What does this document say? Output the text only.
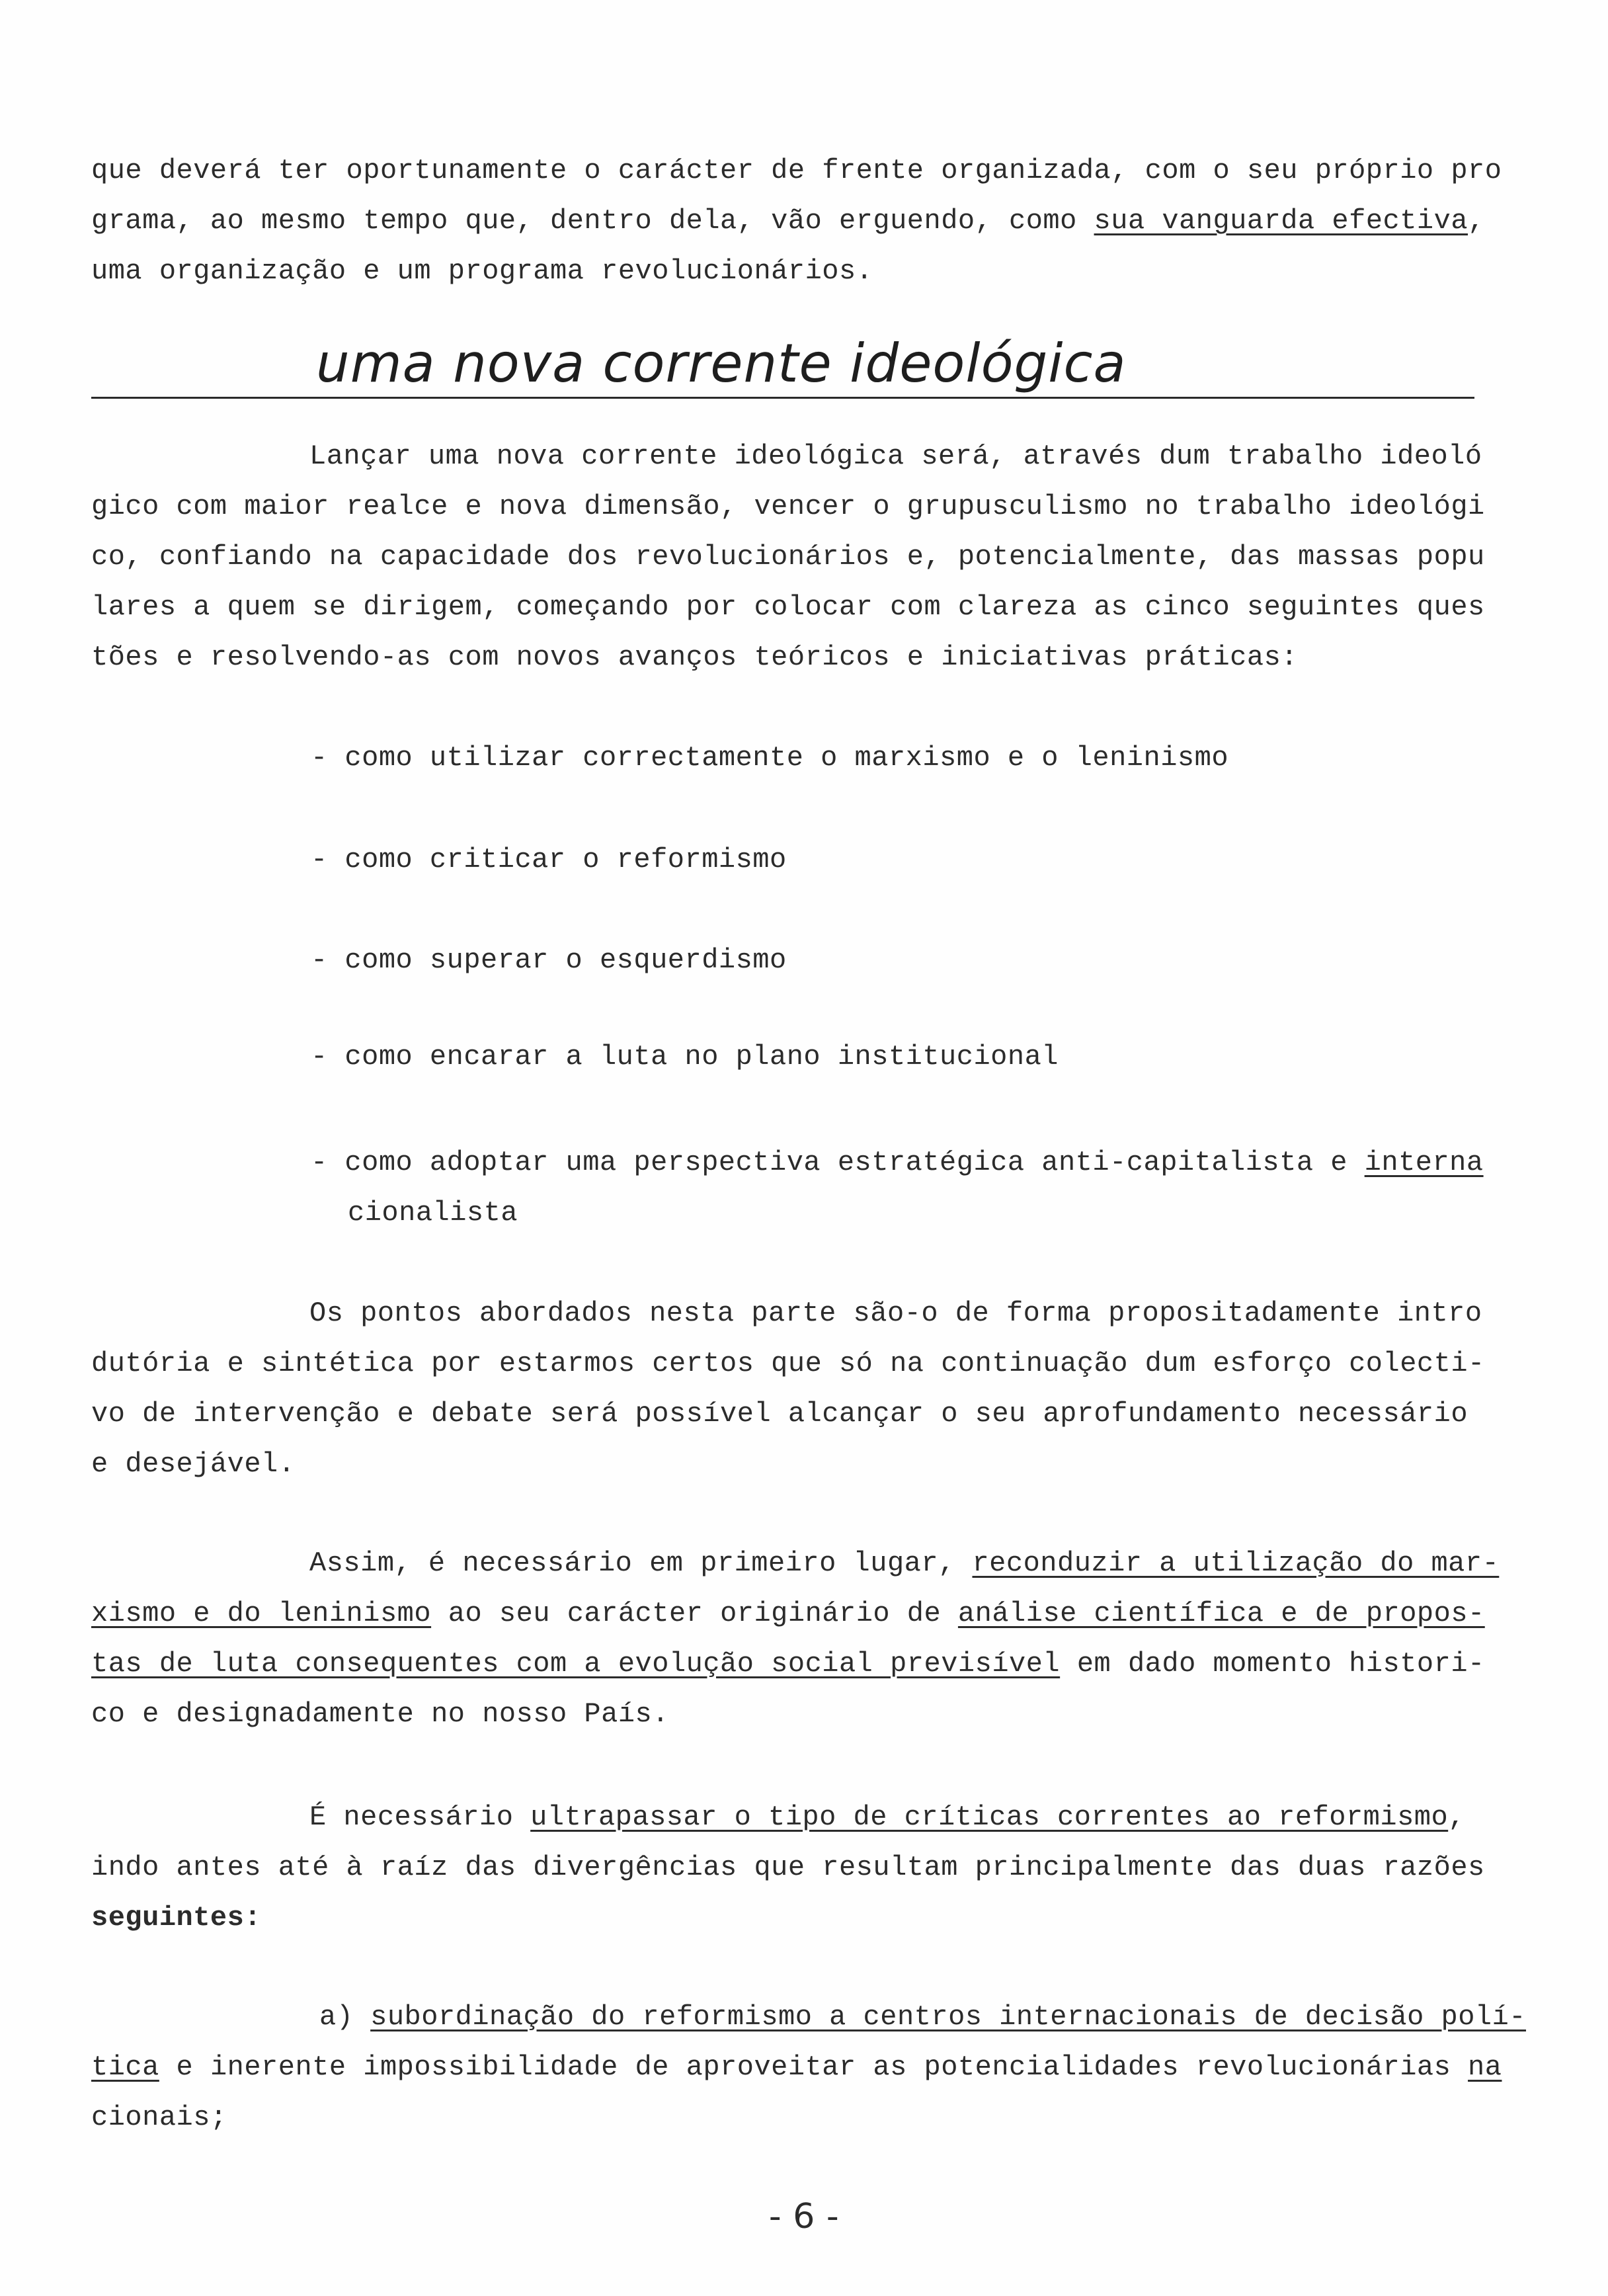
que deverá ter oportunamente o carácter de frente organizada, com o seu próprio pro
grama, ao mesmo tempo que, dentro dela, vão erguendo, como sua vanguarda efectiva,
uma organização e um programa revolucionários.
uma nova corrente ideológica
Lançar uma nova corrente ideológica será, através dum trabalho ideoló
gico com maior realce e nova dimensão, vencer o grupusculismo no trabalho ideológi
co, confiando na capacidade dos revolucionários e, potencialmente, das massas popu
lares a quem se dirigem, começando por colocar com clareza as cinco seguintes ques
tões e resolvendo-as com novos avanços teóricos e iniciativas práticas:
- como utilizar correctamente o marxismo e o leninismo
- como criticar o reformismo
- como superar o esquerdismo
- como encarar a luta no plano institucional
- como adoptar uma perspectiva estratégica anti-capitalista e interna
cionalista
Os pontos abordados nesta parte são-o de forma propositadamente intro
dutória e sintética por estarmos certos que só na continuação dum esforço colecti-
vo de intervenção e debate será possível alcançar o seu aprofundamento necessário
e desejável.
Assim, é necessário em primeiro lugar, reconduzir a utilização do mar-
xismo e do leninismo ao seu carácter originário de análise científica e de propos-
tas de luta consequentes com a evolução social previsível em dado momento histori-
co e designadamente no nosso País.
É necessário ultrapassar o tipo de críticas correntes ao reformismo,
indo antes até à raíz das divergências que resultam principalmente das duas razões
seguintes:
a) subordinação do reformismo a centros internacionais de decisão polí-
tica e inerente impossibilidade de aproveitar as potencialidades revolucionárias na
cionais;
- 6 -
